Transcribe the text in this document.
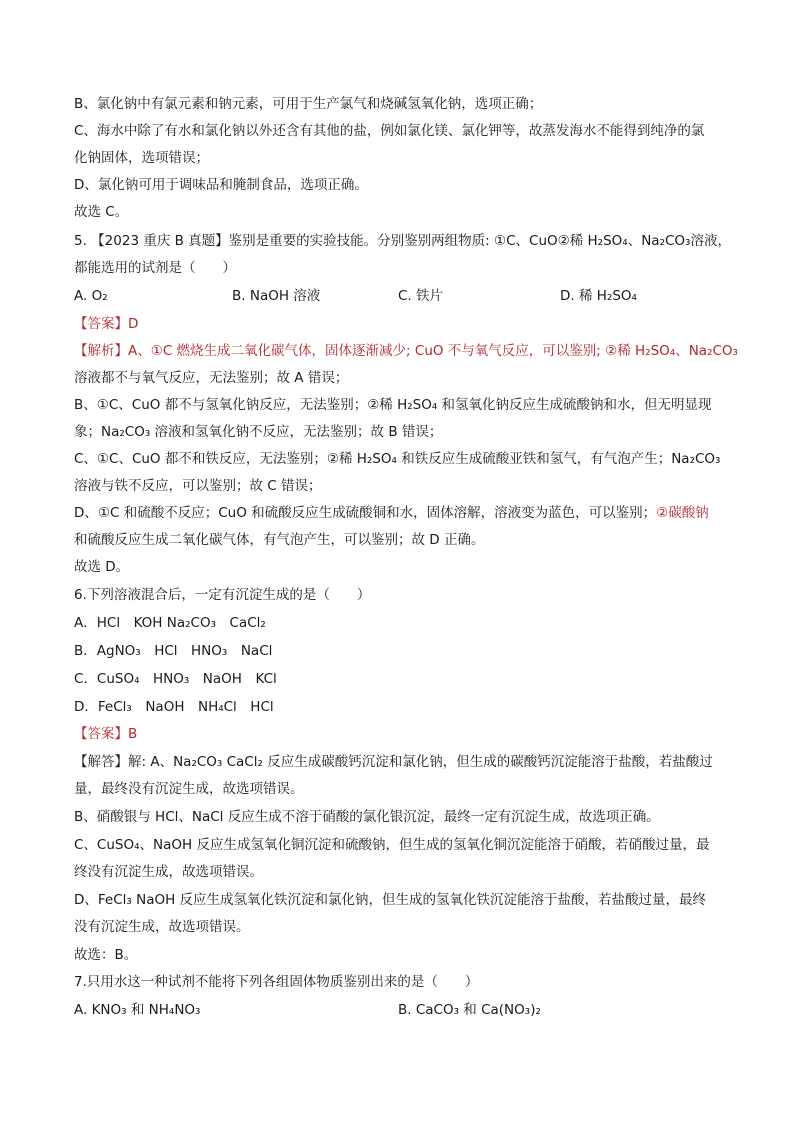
B、氯化钠中有氯元素和钠元素，可用于生产氯气和烧碱氢氧化钠，选项正确；
C、海水中除了有水和氯化钠以外还含有其他的盐，例如氯化镁、氯化钾等，故蒸发海水不能得到纯净的氯
化钠固体，选项错误；
D、氯化钠可用于调味品和腌制食品，选项正确。
故选 C。
5. 【2023 重庆 B 真题】鉴别是重要的实验技能。分别鉴别两组物质: ①C、CuO②稀 H₂SO₄、Na₂CO₃溶液，
都能选用的试剂是（　　）
A. O₂	B. NaOH 溶液	C. 铁片	D. 稀 H₂SO₄
【答案】D
【解析】A、①C 燃烧生成二氧化碳气体，固体逐渐减少; CuO 不与氧气反应，可以鉴别; ②稀 H₂SO₄、Na₂CO₃
溶液都不与氧气反应，无法鉴别；故 A 错误；
B、①C、CuO 都不与氢氧化钠反应，无法鉴别；②稀 H₂SO₄ 和氢氧化钠反应生成硫酸钠和水，但无明显现
象；Na₂CO₃ 溶液和氢氧化钠不反应，无法鉴别；故 B 错误；
C、①C、CuO 都不和铁反应，无法鉴别；②稀 H₂SO₄ 和铁反应生成硫酸亚铁和氢气，有气泡产生；Na₂CO₃
溶液与铁不反应，可以鉴别；故 C 错误；
D、①C 和硫酸不反应；CuO 和硫酸反应生成硫酸铜和水，固体溶解，溶液变为蓝色，可以鉴别；②碳酸钠
和硫酸反应生成二氧化碳气体，有气泡产生，可以鉴别；故 D 正确。
故选 D。
6.下列溶液混合后，一定有沉淀生成的是（　　）
A．HCl　KOH Na₂CO₃　CaCl₂
B．AgNO₃　HCl　HNO₃　NaCl
C．CuSO₄　HNO₃　NaOH　KCl
D．FeCl₃　NaOH　NH₄Cl　HCl
【答案】B
【解答】解: A、Na₂CO₃ CaCl₂ 反应生成碳酸钙沉淀和氯化钠，但生成的碳酸钙沉淀能溶于盐酸，若盐酸过
量，最终没有沉淀生成，故选项错误。
B、硝酸银与 HCl、NaCl 反应生成不溶于硝酸的氯化银沉淀，最终一定有沉淀生成，故选项正确。
C、CuSO₄、NaOH 反应生成氢氧化铜沉淀和硫酸钠，但生成的氢氧化铜沉淀能溶于硝酸，若硝酸过量，最
终没有沉淀生成，故选项错误。
D、FeCl₃ NaOH 反应生成氢氧化铁沉淀和氯化钠，但生成的氢氧化铁沉淀能溶于盐酸，若盐酸过量，最终
没有沉淀生成，故选项错误。
故选：B。
7.只用水这一种试剂不能将下列各组固体物质鉴别出来的是（　　）
A. KNO₃ 和 NH₄NO₃	B. CaCO₃ 和 Ca(NO₃)₂
